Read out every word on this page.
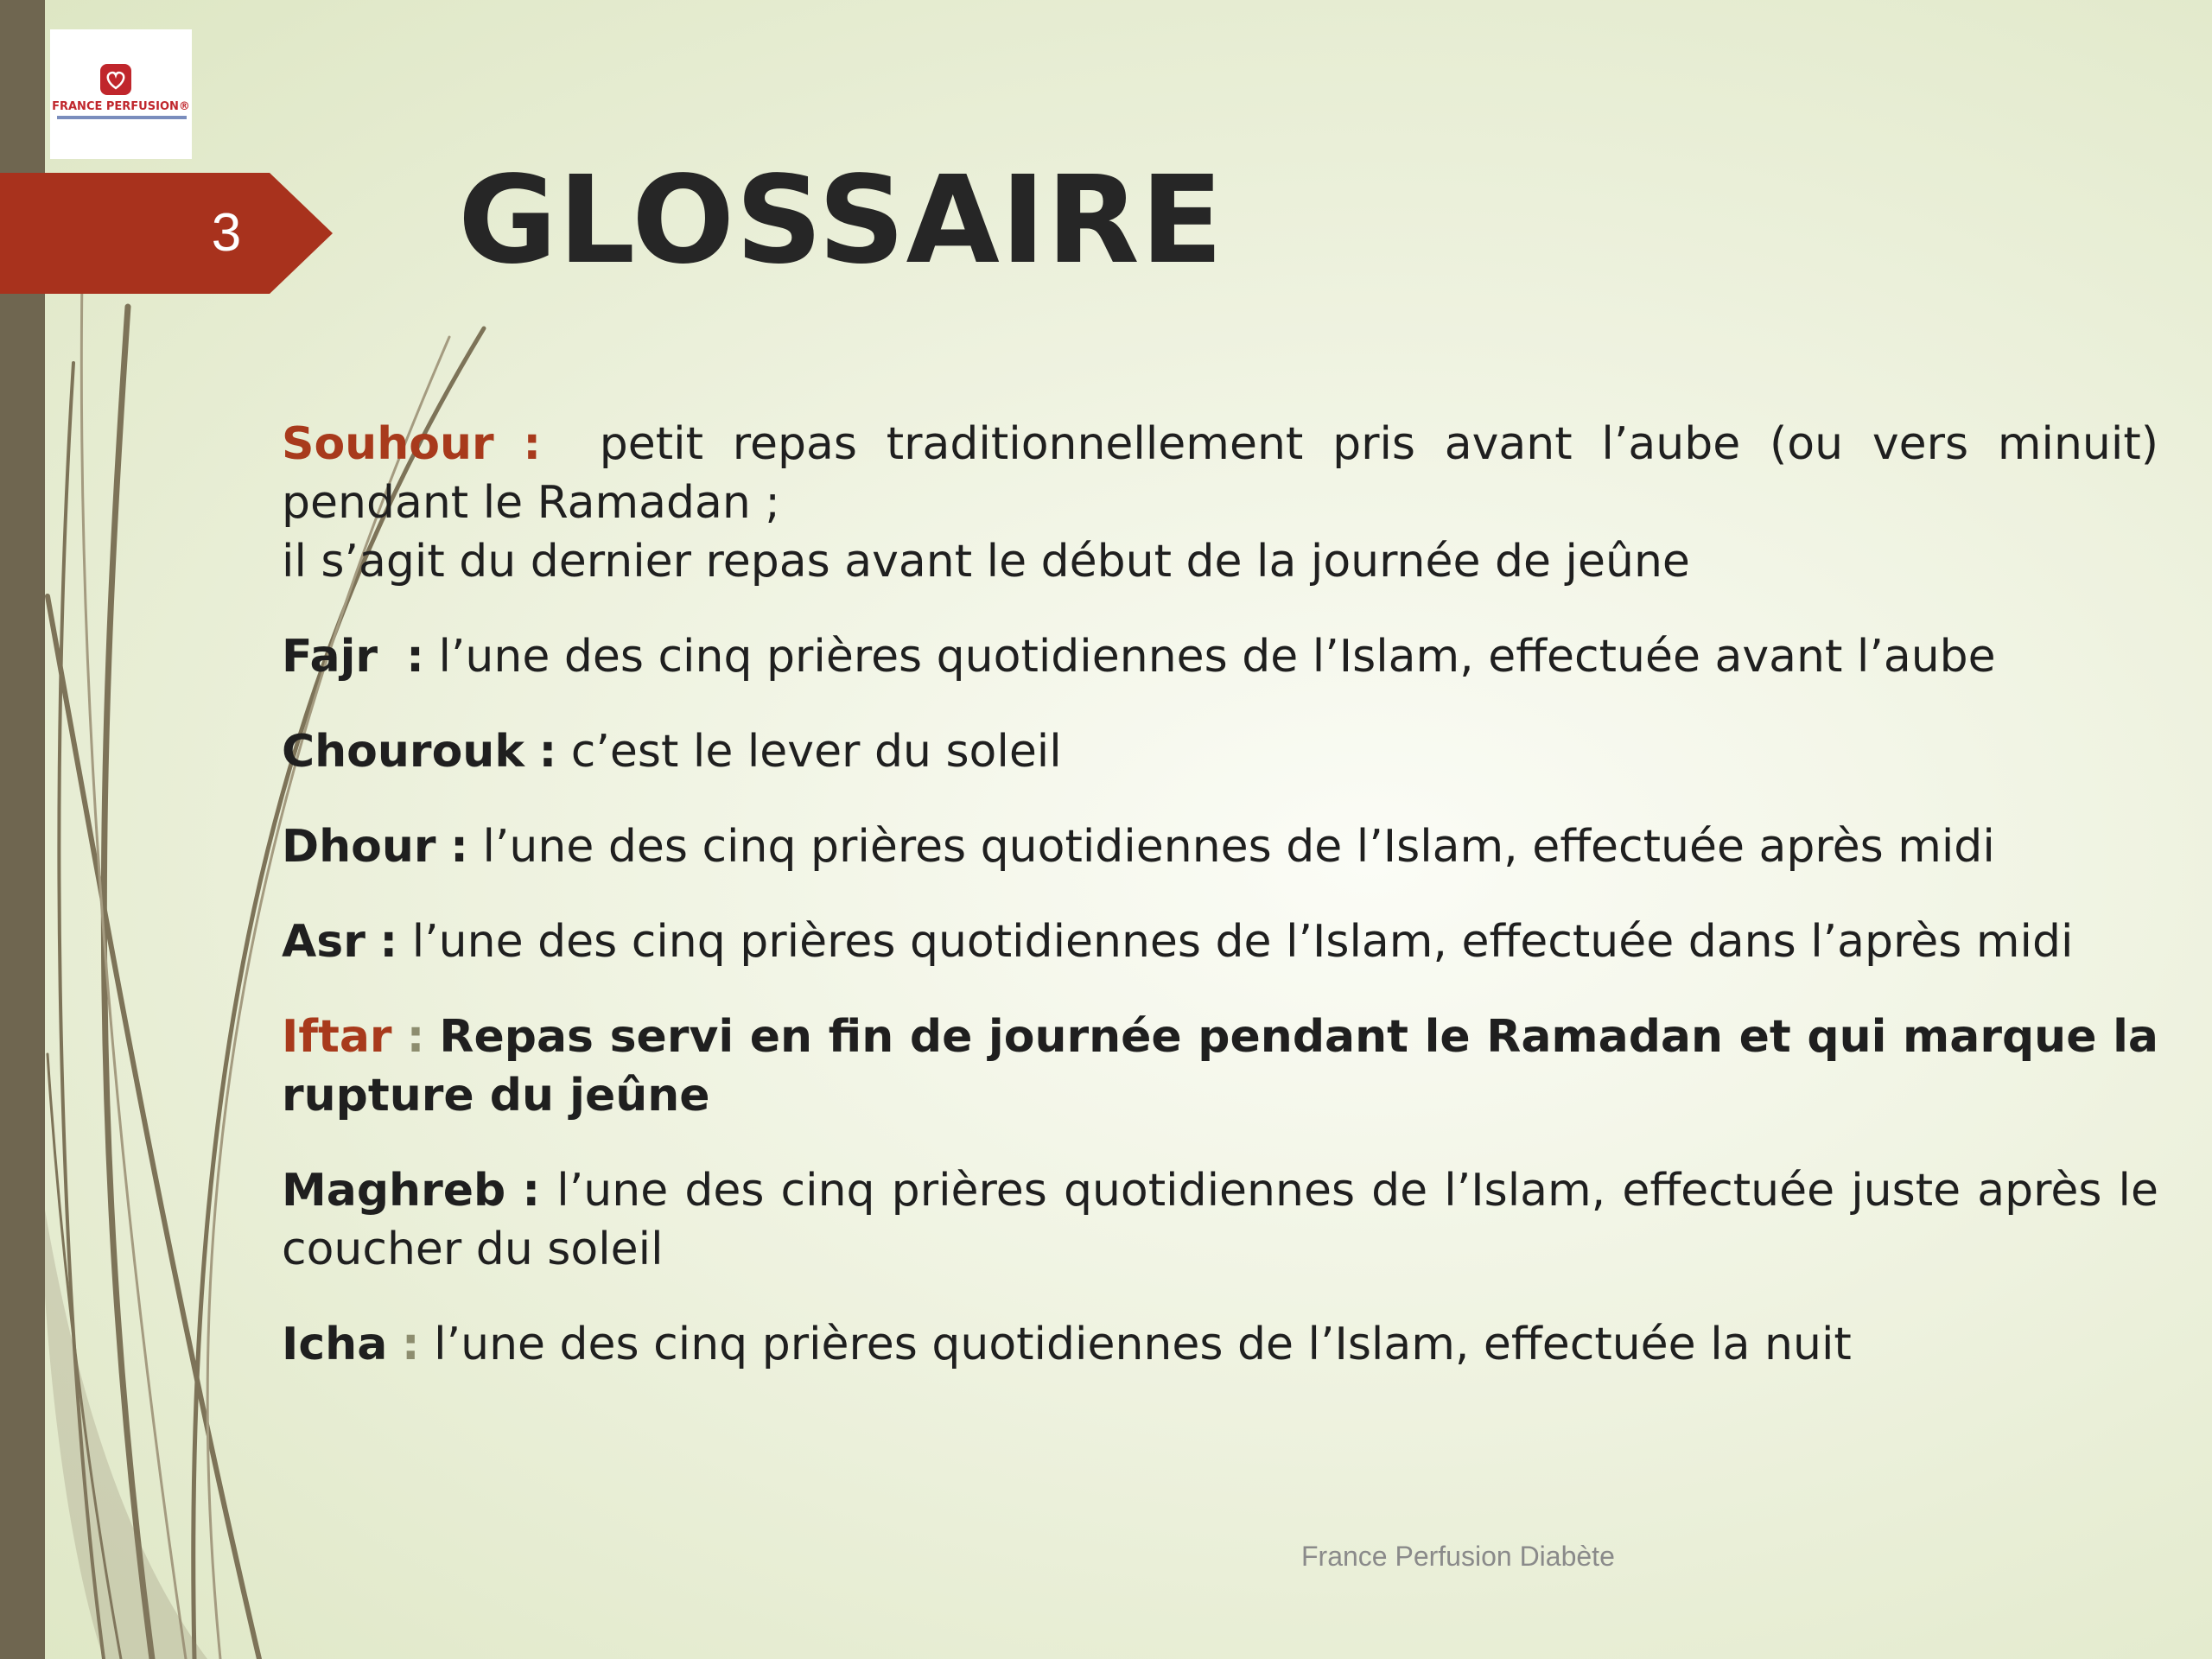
FRANCE PERFUSION®
3 GLOSSAIRE

Souhour : petit repas traditionnellement pris avant l’aube (ou vers minuit) pendant le Ramadan ;
il s’agit du dernier repas avant le début de la journée de jeûne

Fajr : l’une des cinq prières quotidiennes de l’Islam, effectuée avant l’aube

Chourouk : c’est le lever du soleil

Dhour : l’une des cinq prières quotidiennes de l’Islam, effectuée après midi

Asr : l’une des cinq prières quotidiennes de l’Islam, effectuée dans l’après midi

Iftar : Repas servi en fin de journée pendant le Ramadan et qui marque la rupture du jeûne

Maghreb : l’une des cinq prières quotidiennes de l’Islam, effectuée juste après le coucher du soleil

Icha : l’une des cinq prières quotidiennes de l’Islam, effectuée la nuit

France Perfusion Diabète
